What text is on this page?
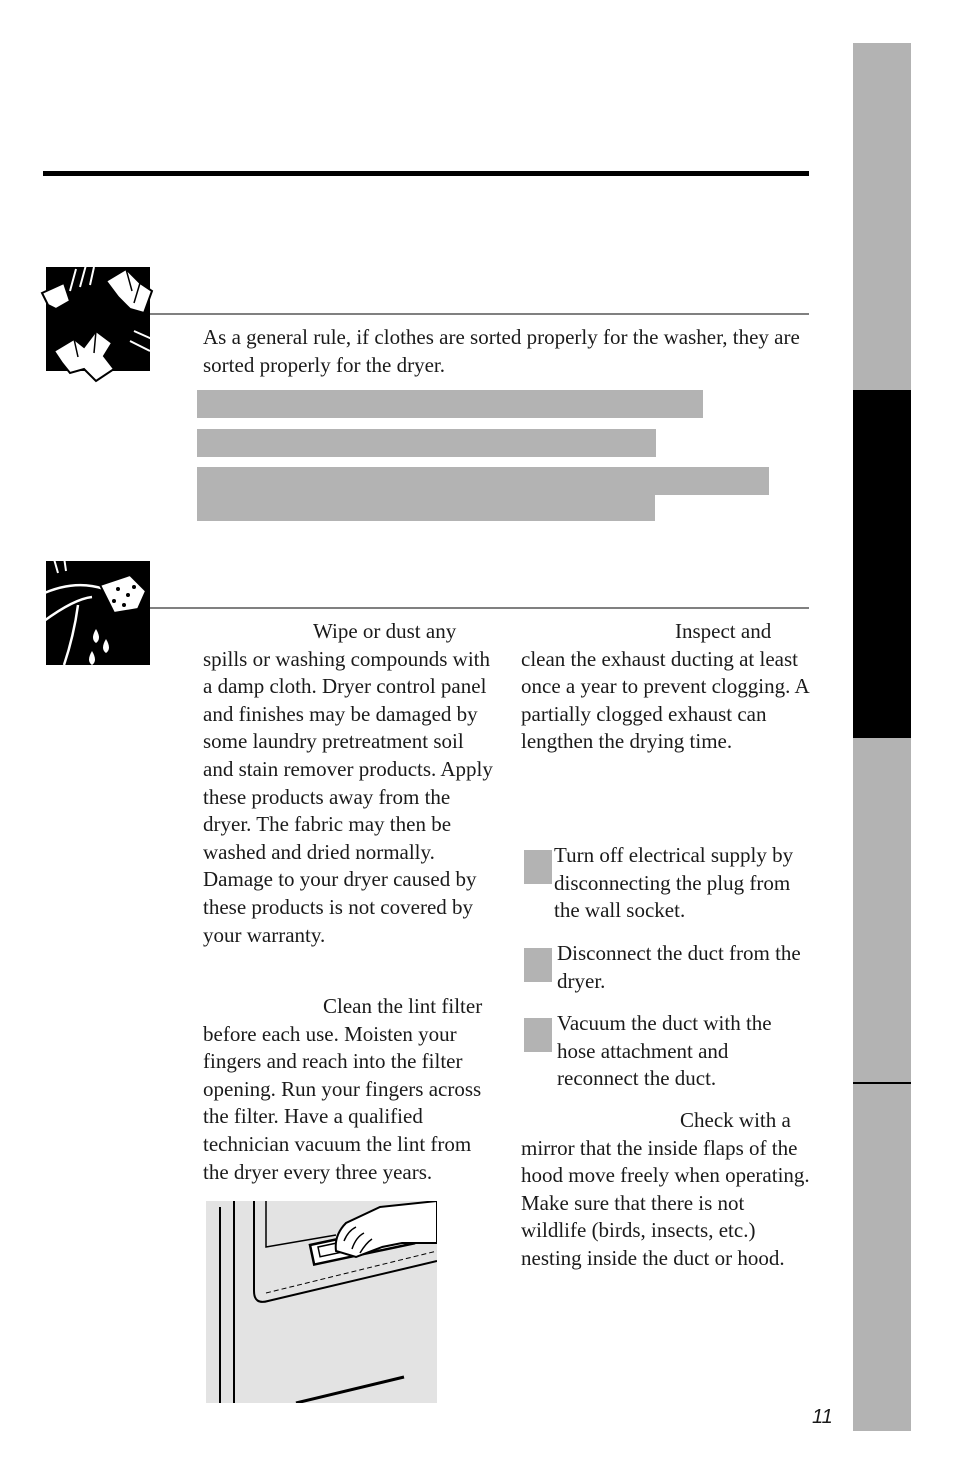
As a general rule, if clothes are sorted properly for the washer, they are sorted properly for the dryer.

Wipe or dust any spills or washing compounds with a damp cloth. Dryer control panel and finishes may be damaged by some laundry pretreatment soil and stain remover products. Apply these products away from the dryer. The fabric may then be washed and dried normally. Damage to your dryer caused by these products is not covered by your warranty.

Clean the lint filter before each use. Moisten your fingers and reach into the filter opening. Run your fingers across the filter. Have a qualified technician vacuum the lint from the dryer every three years.

Inspect and clean the exhaust ducting at least once a year to prevent clogging. A partially clogged exhaust can lengthen the drying time.

Turn off electrical supply by disconnecting the plug from the wall socket.

Disconnect the duct from the dryer.

Vacuum the duct with the hose attachment and reconnect the duct.

Check with a mirror that the inside flaps of the hood move freely when operating. Make sure that there is not wildlife (birds, insects, etc.) nesting inside the duct or hood.

11
